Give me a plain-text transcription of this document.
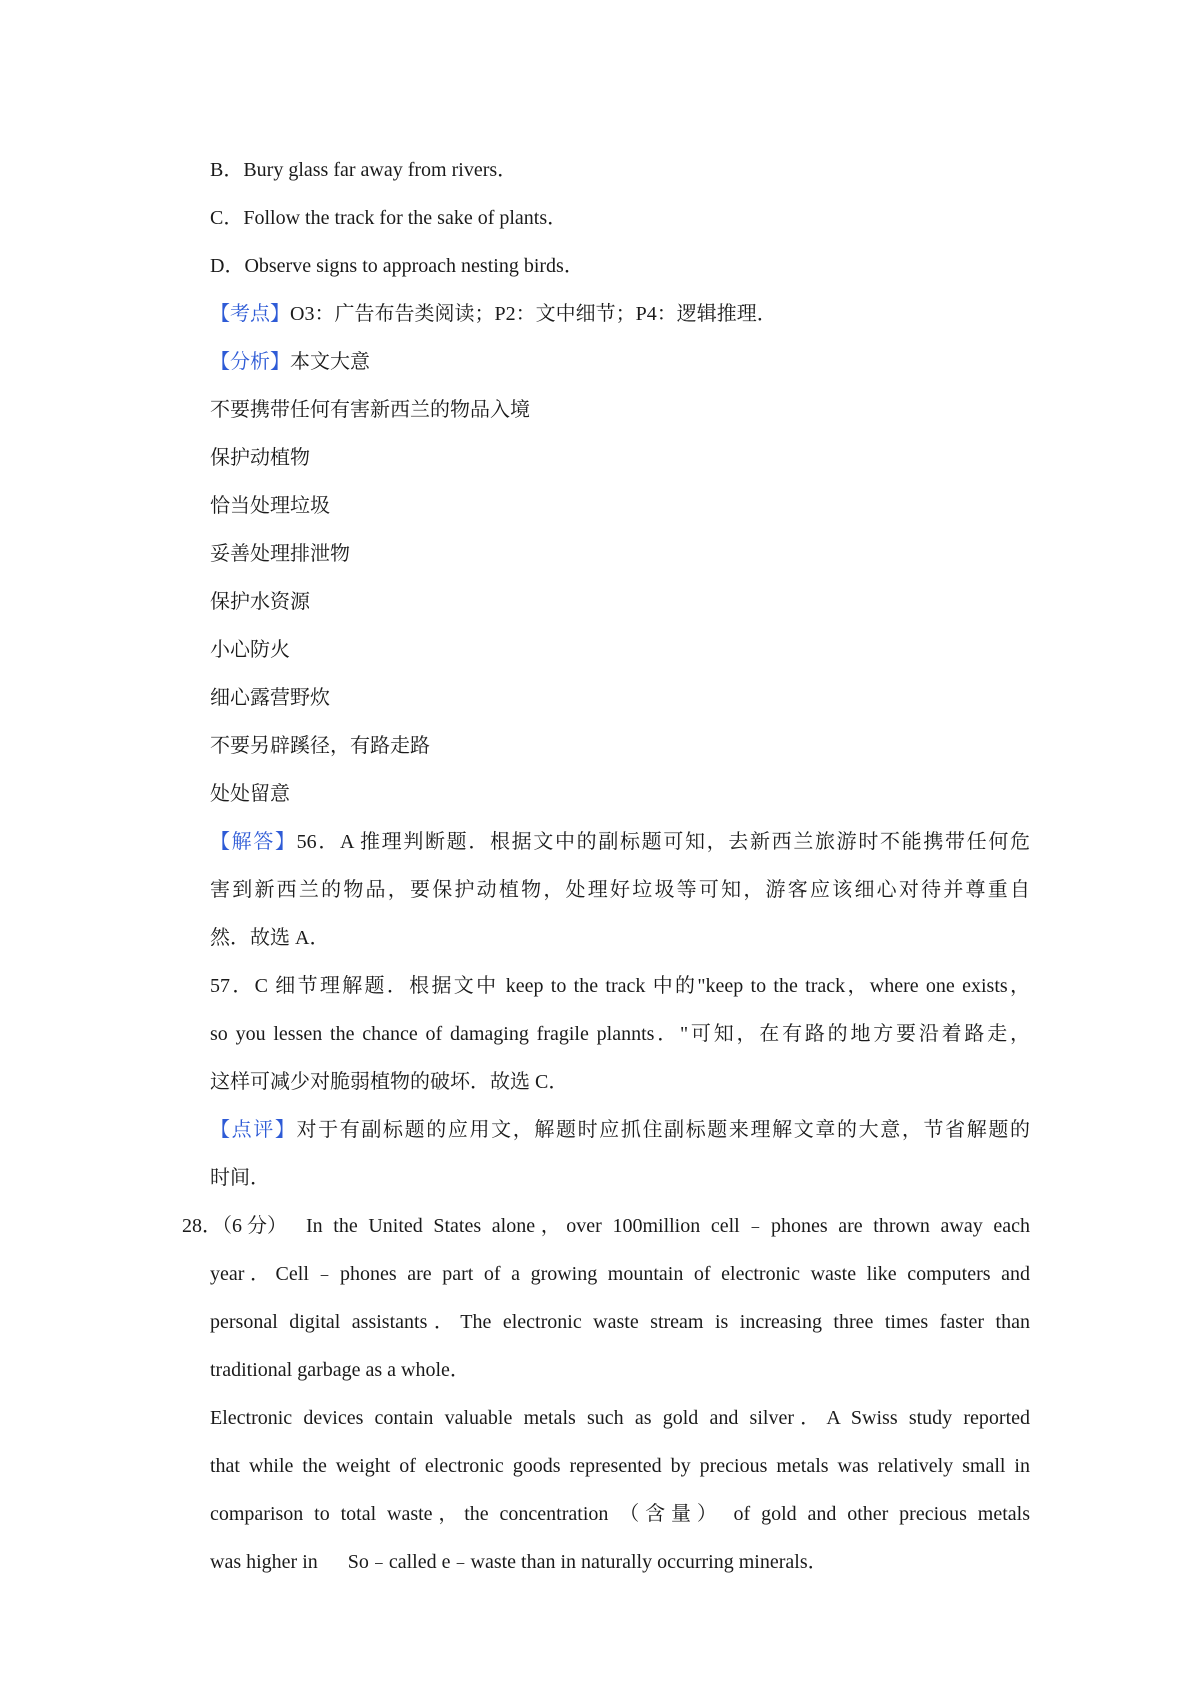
B．Bury glass far away from rivers．
C．Follow the track for the sake of plants．
D．Observe signs to approach nesting birds．
【考点】O3：广告布告类阅读；P2：文中细节；P4：逻辑推理．
【分析】本文大意
不要携带任何有害新西兰的物品入境
保护动植物
恰当处理垃圾
妥善处理排泄物
保护水资源
小心防火
细心露营野炊
不要另辟蹊径，有路走路
处处留意
【解答】56．A 推理判断题．根据文中的副标题可知，去新西兰旅游时不能携带任何危
害到新西兰的物品，要保护动植物，处理好垃圾等可知，游客应该细心对待并尊重自
然．故选 A．
57．C 细节理解题．根据文中 keep to the track 中的"keep to the track，where one exists，
so you lessen the chance of damaging fragile plannts．"可知，在有路的地方要沿着路走，
这样可减少对脆弱植物的破坏．故选 C．
【点评】对于有副标题的应用文，解题时应抓住副标题来理解文章的大意，节省解题的
时间．
28．（6 分） In the United States alone，over 100million cell﹣phones are thrown away each
year．Cell﹣phones are part of a growing mountain of electronic waste like computers and
personal digital assistants．The electronic waste stream is increasing three times faster than
traditional garbage as a whole．
Electronic devices contain valuable metals such as gold and silver．A Swiss study reported
that while the weight of electronic goods represented by precious metals was relatively small in
comparison to total waste，the concentration （含量） of gold and other precious metals
was higher in      So﹣called e﹣waste than in naturally occurring minerals．
